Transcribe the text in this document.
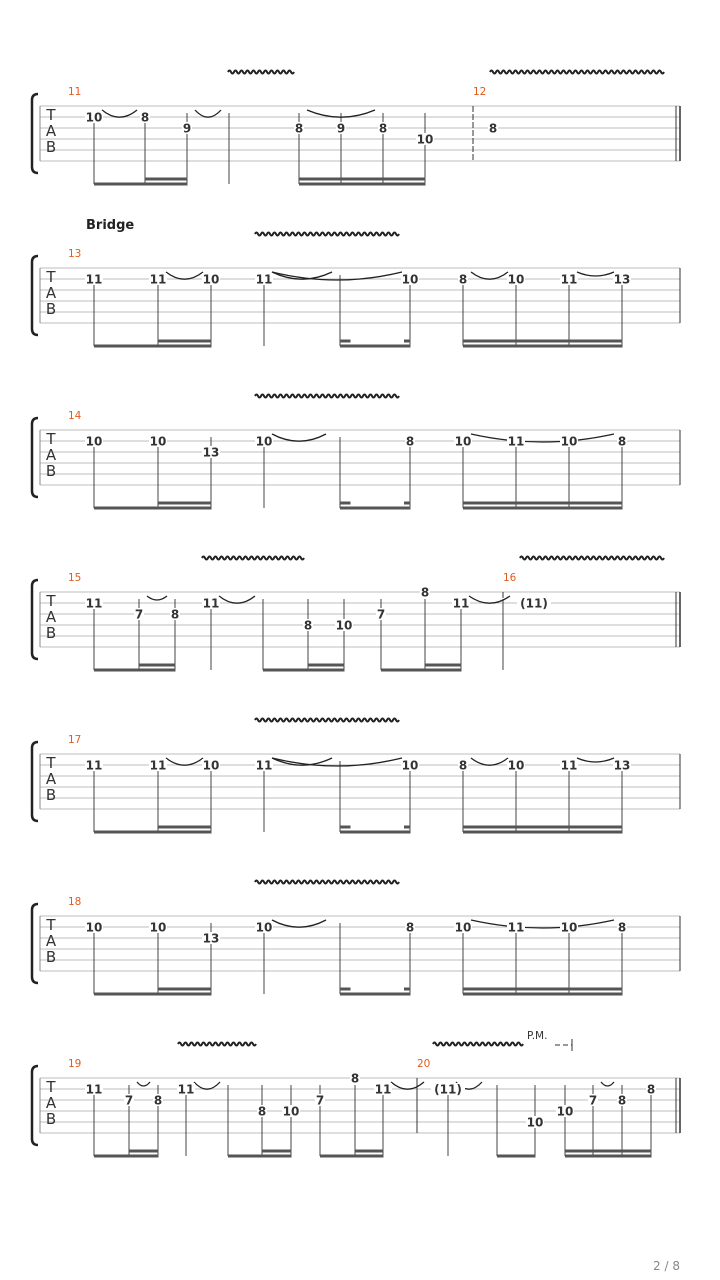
T
A
B
11	12
10	8
9	8	9	8
10
8
T
A
B
Bridge
13
11	11	10	11	10	8	10	11	13
T
A
B
14
10	10
13
10	8	10	11	10	8
T
A
B
15	16
11
7 8
11
8 10
7
8
11	(11)
T
A
B
17
11	11	10	11	10	8	10	11	13
T
A
B
18
10	10
13
10	8	10	11	10	8
T
A
B
19	20
P.M.
11
7 8
11
8 10
7
8
11	(11)
10
10
7 8
8
2 / 8
